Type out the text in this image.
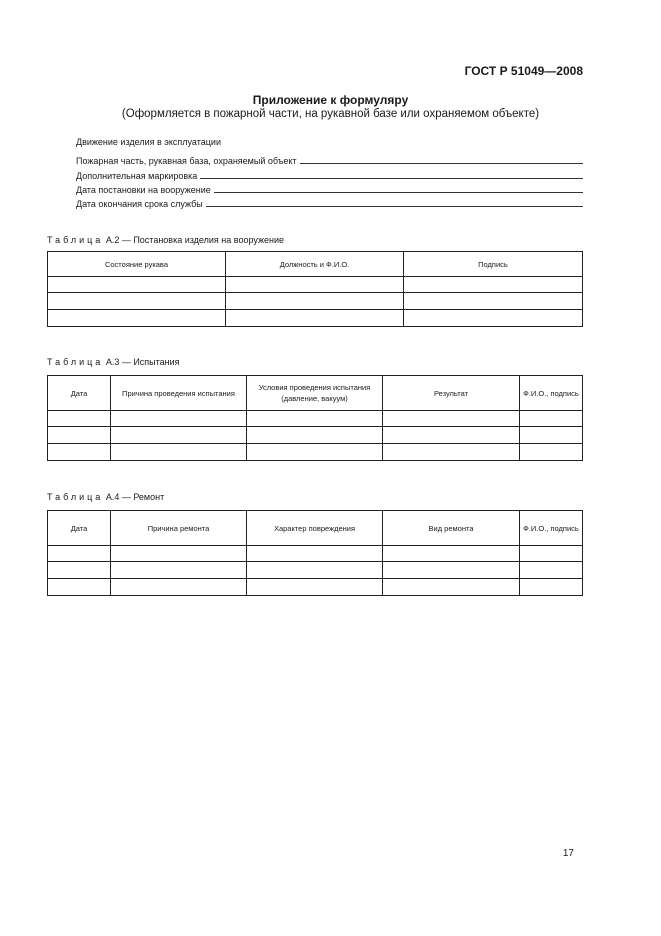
ГОСТ Р 51049—2008
Приложение к формуляру
(Оформляется в пожарной части, на рукавной базе или охраняемом объекте)
Движение изделия в эксплуатации
Пожарная часть, рукавная база, охраняемый объект
Дополнительная маркировка
Дата постановки на вооружение
Дата окончания срока службы
Таблица А.2 — Постановка изделия на вооружение
Состояние рукава	Должность и Ф.И.О.	Подпись

Таблица А.3 — Испытания
Дата	Причина проведения испытания	Условия проведения испытания (давление, вакуум)	Результат	Ф.И.О., подпись

Таблица А.4 — Ремонт
Дата	Причина ремонта	Характер повреждения	Вид ремонта	Ф.И.О., подпись

17
